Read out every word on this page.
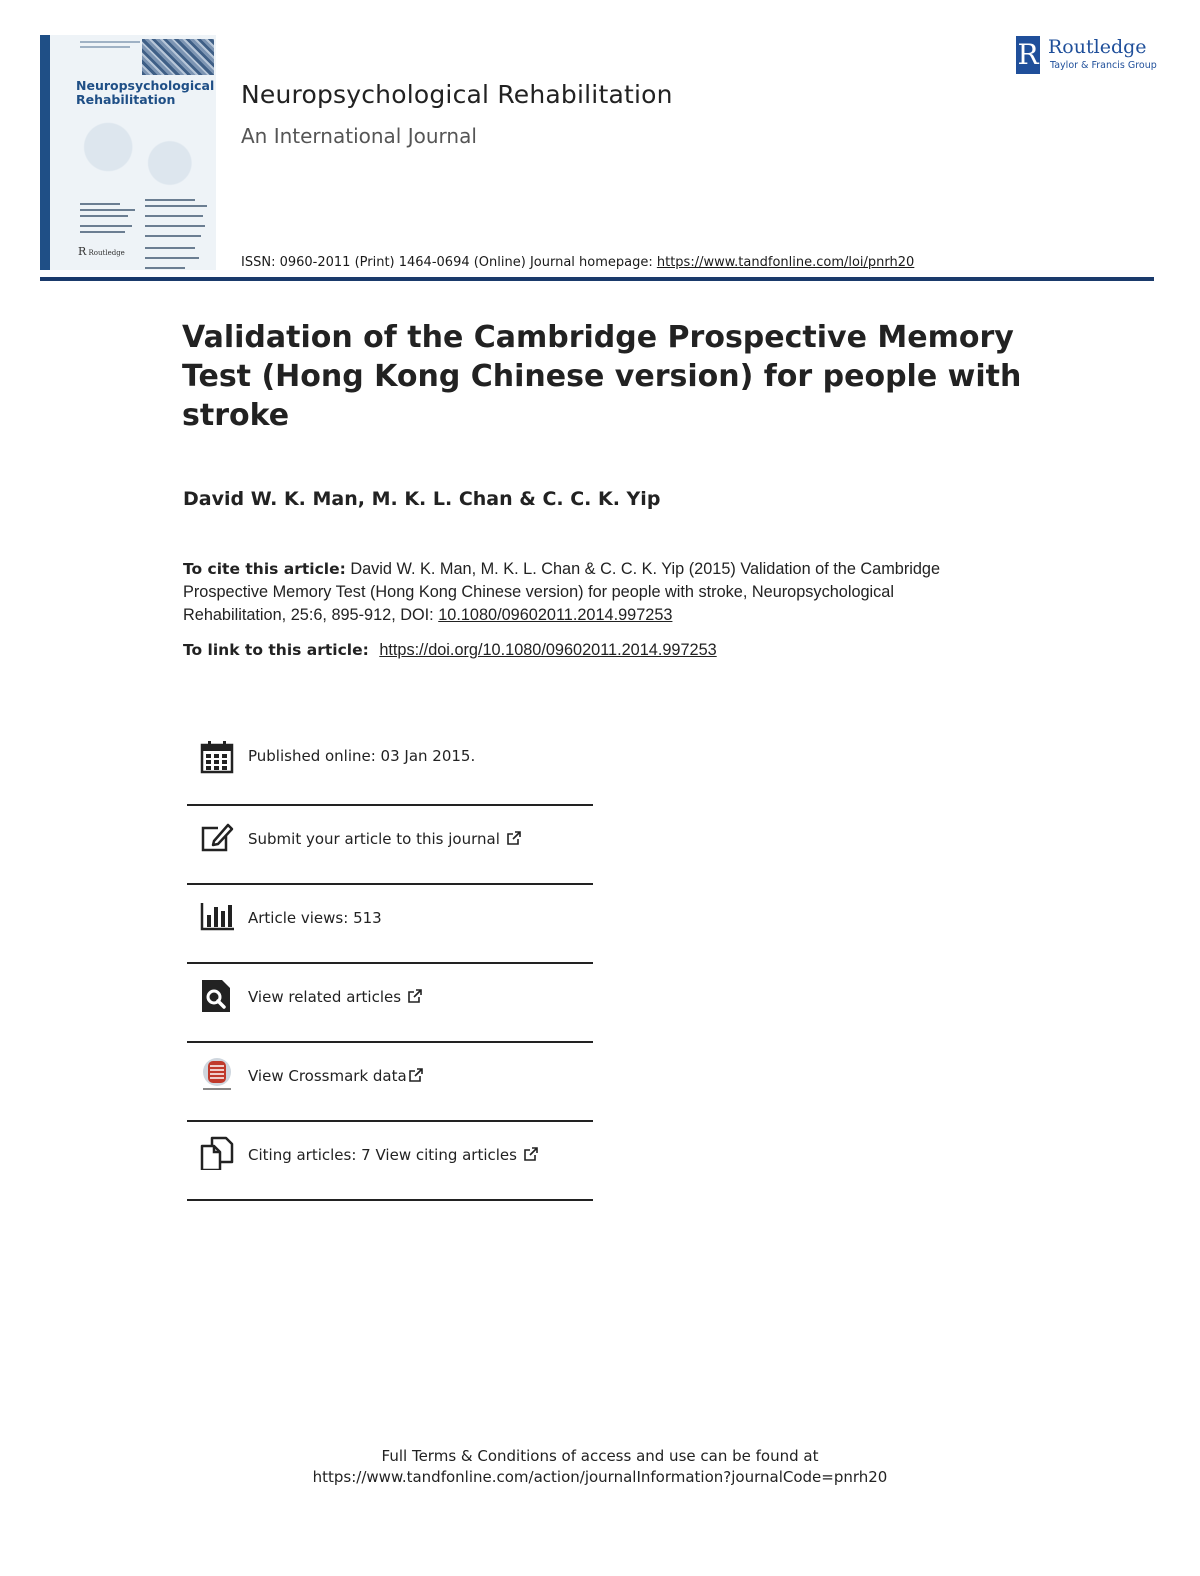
Neuropsychological Rehabilitation
R Routledge
Neuropsychological Rehabilitation
An International Journal
ISSN: 0960-2011 (Print) 1464-0694 (Online) Journal homepage: https://www.tandfonline.com/loi/pnrh20
R Routledge
Taylor & Francis Group
Validation of the Cambridge Prospective Memory Test (Hong Kong Chinese version) for people with stroke
David W. K. Man, M. K. L. Chan & C. C. K. Yip
To cite this article: David W. K. Man, M. K. L. Chan & C. C. K. Yip (2015) Validation of the Cambridge Prospective Memory Test (Hong Kong Chinese version) for people with stroke, Neuropsychological Rehabilitation, 25:6, 895-912, DOI: 10.1080/09602011.2014.997253
To link to this article: https://doi.org/10.1080/09602011.2014.997253
Published online: 03 Jan 2015.
Submit your article to this journal
Article views: 513
View related articles
View Crossmark data
Citing articles: 7 View citing articles
Full Terms & Conditions of access and use can be found at
https://www.tandfonline.com/action/journalInformation?journalCode=pnrh20
